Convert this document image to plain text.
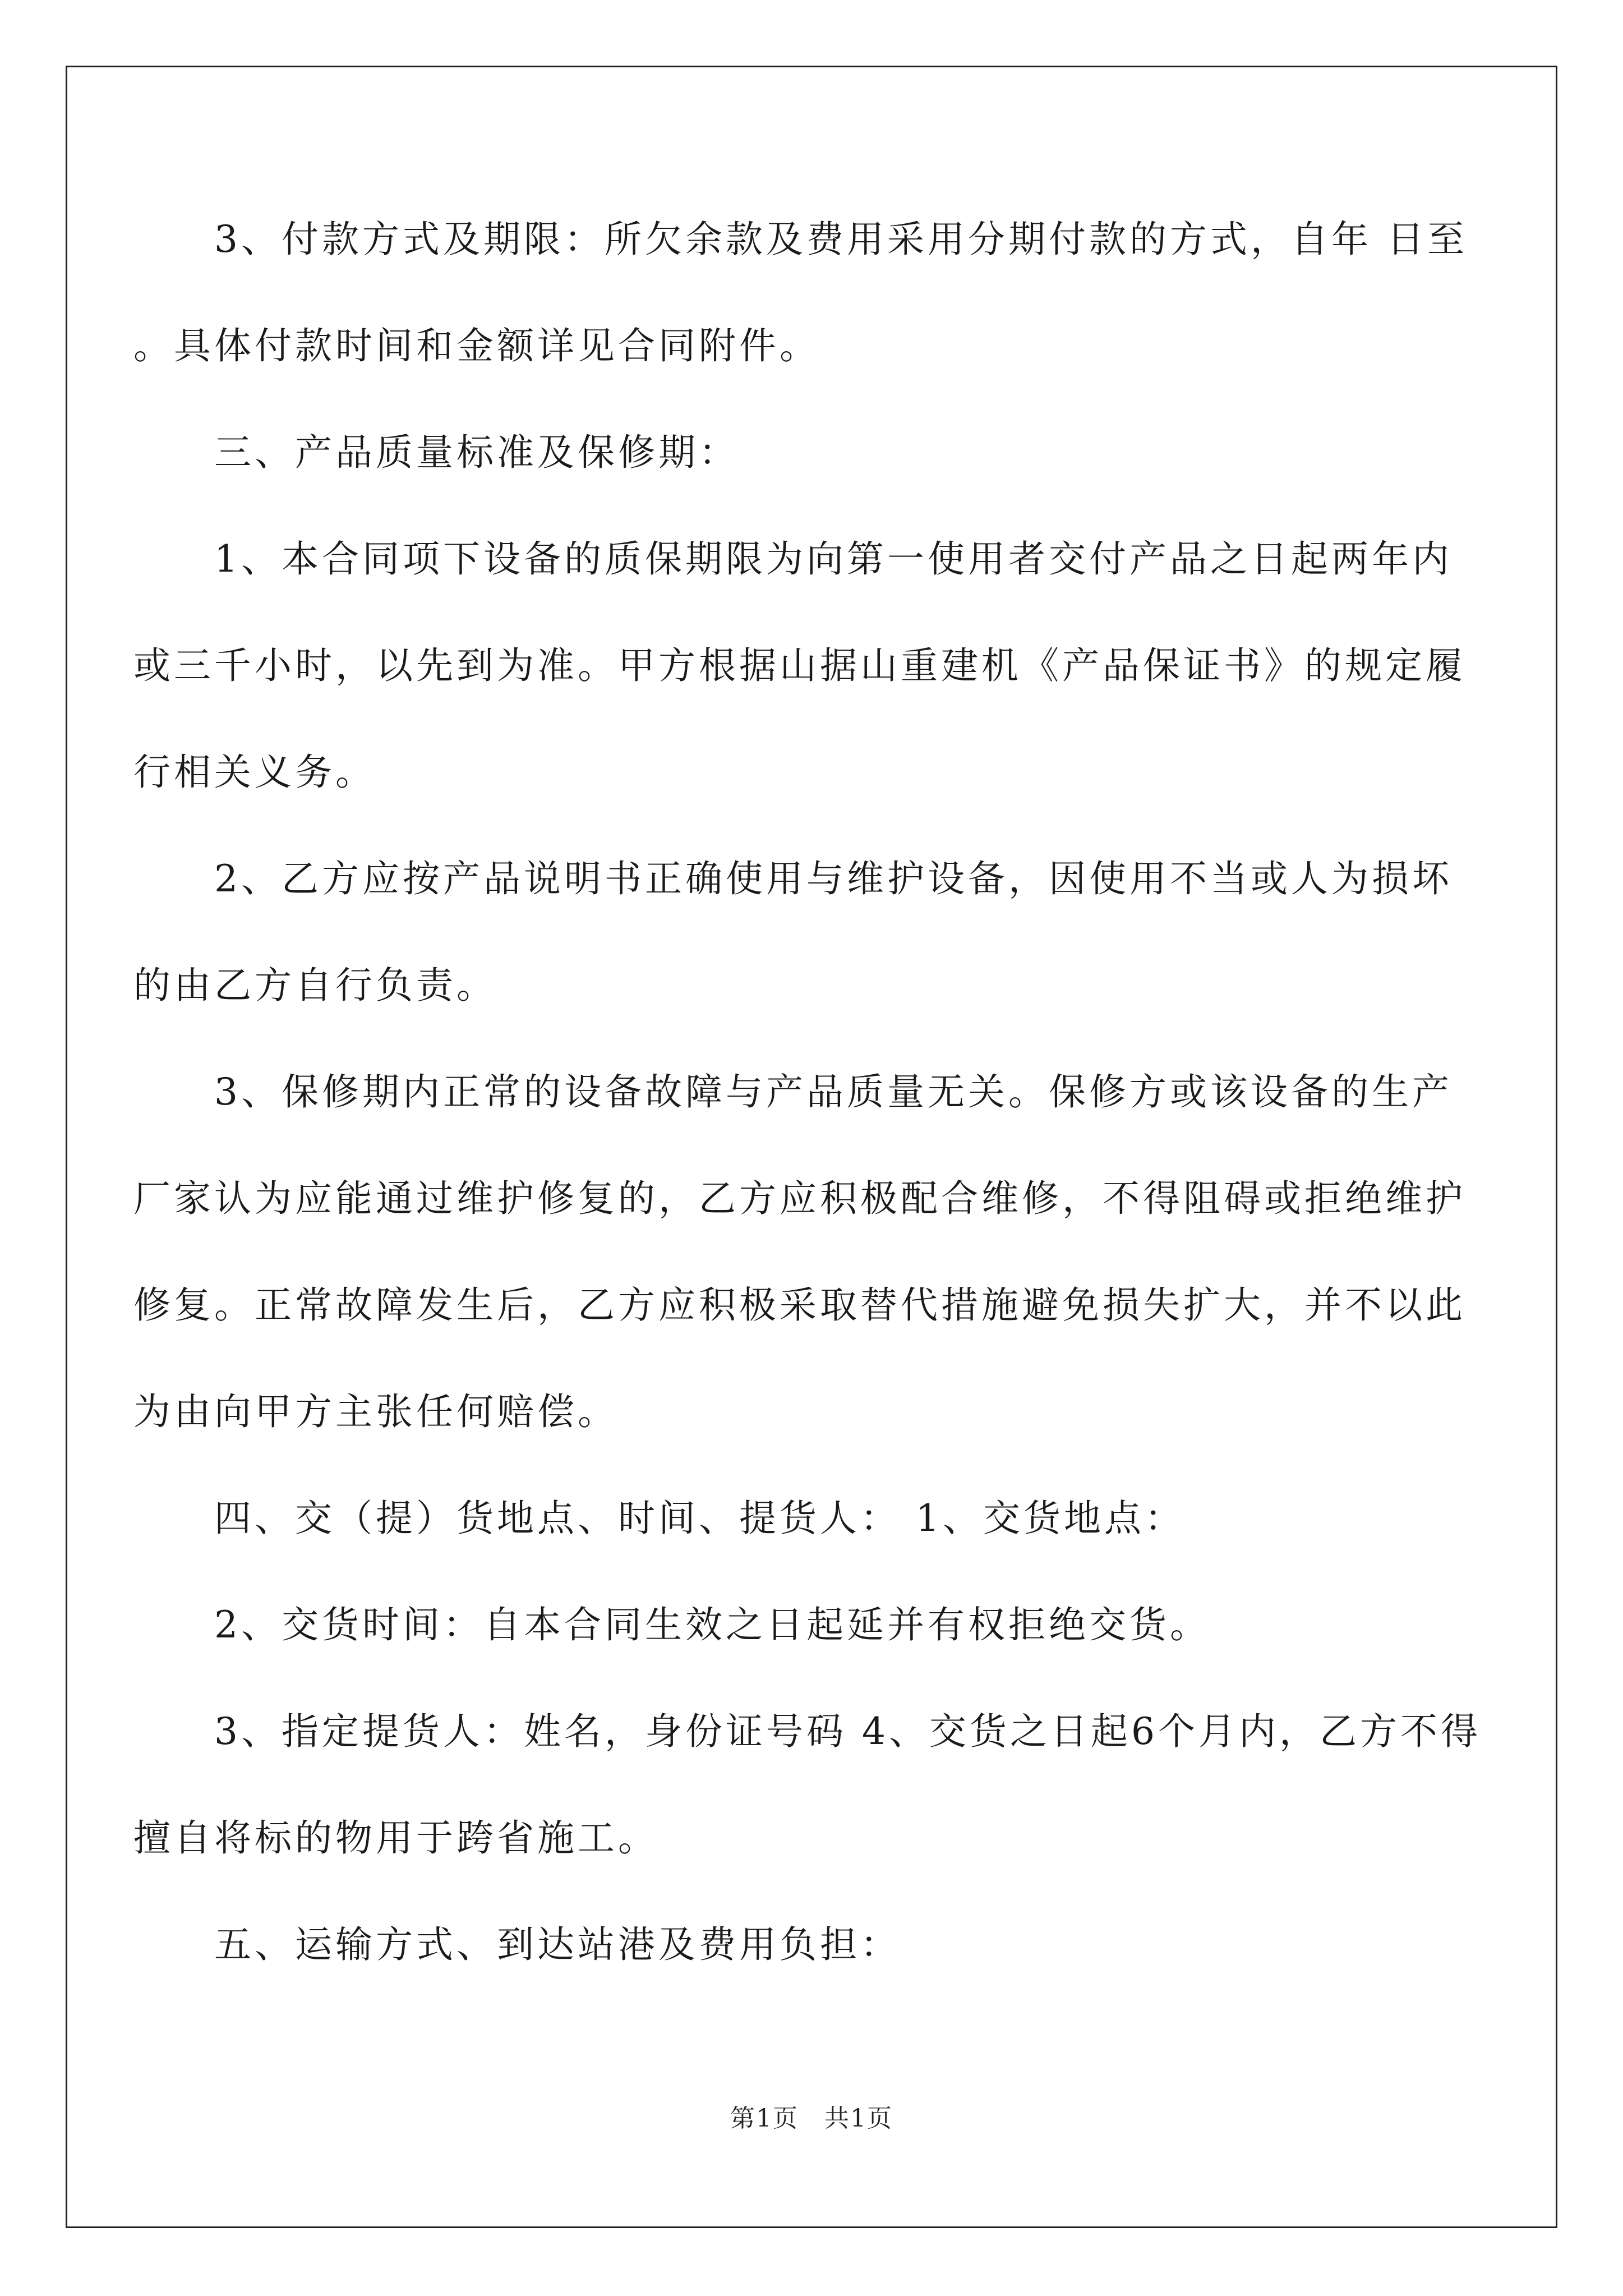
3、付款方式及期限：所欠余款及费用采用分期付款的方式，自年 日至 。具体付款时间和金额详见合同附件。

三、产品质量标准及保修期：

1、本合同项下设备的质保期限为向第一使用者交付产品之日起两年内或三千小时，以先到为准。甲方根据山据山重建机《产品保证书》的规定履行相关义务。

2、乙方应按产品说明书正确使用与维护设备，因使用不当或人为损坏的由乙方自行负责。

3、保修期内正常的设备故障与产品质量无关。保修方或该设备的生产厂家认为应能通过维护修复的，乙方应积极配合维修，不得阻碍或拒绝维护修复。正常故障发生后，乙方应积极采取替代措施避免损失扩大，并不以此为由向甲方主张任何赔偿。

四、交（提）货地点、时间、提货人： 1、交货地点：

2、交货时间：自本合同生效之日起延并有权拒绝交货。

3、指定提货人：姓名，身份证号码 4、交货之日起6个月内，乙方不得擅自将标的物用于跨省施工。

五、运输方式、到达站港及费用负担：

第1页　共1页
